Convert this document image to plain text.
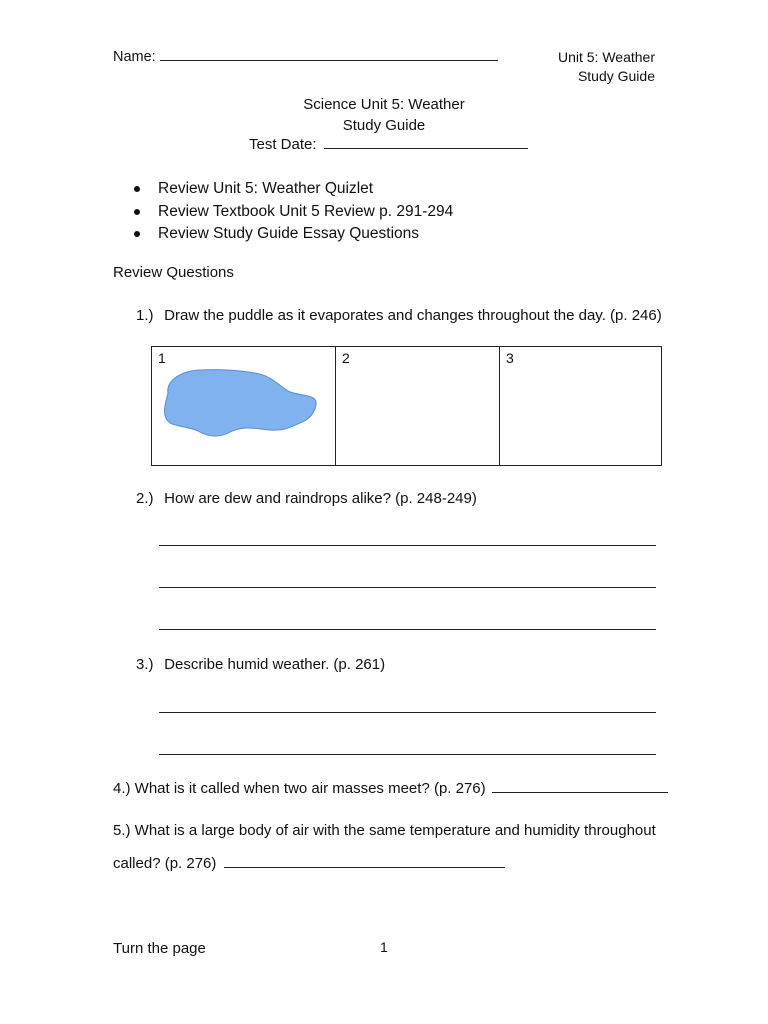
Name:	Unit 5: Weather
Study Guide
Science Unit 5: Weather
Study Guide
Test Date:
Review Unit 5: Weather Quizlet
Review Textbook Unit 5 Review p. 291-294
Review Study Guide Essay Questions
Review Questions
1.) Draw the puddle as it evaporates and changes throughout the day. (p. 246)
1	2	3
2.) How are dew and raindrops alike? (p. 248-249)
3.) Describe humid weather. (p. 261)
4.) What is it called when two air masses meet? (p. 276)
5.) What is a large body of air with the same temperature and humidity throughout
called? (p. 276)
Turn the page	1
